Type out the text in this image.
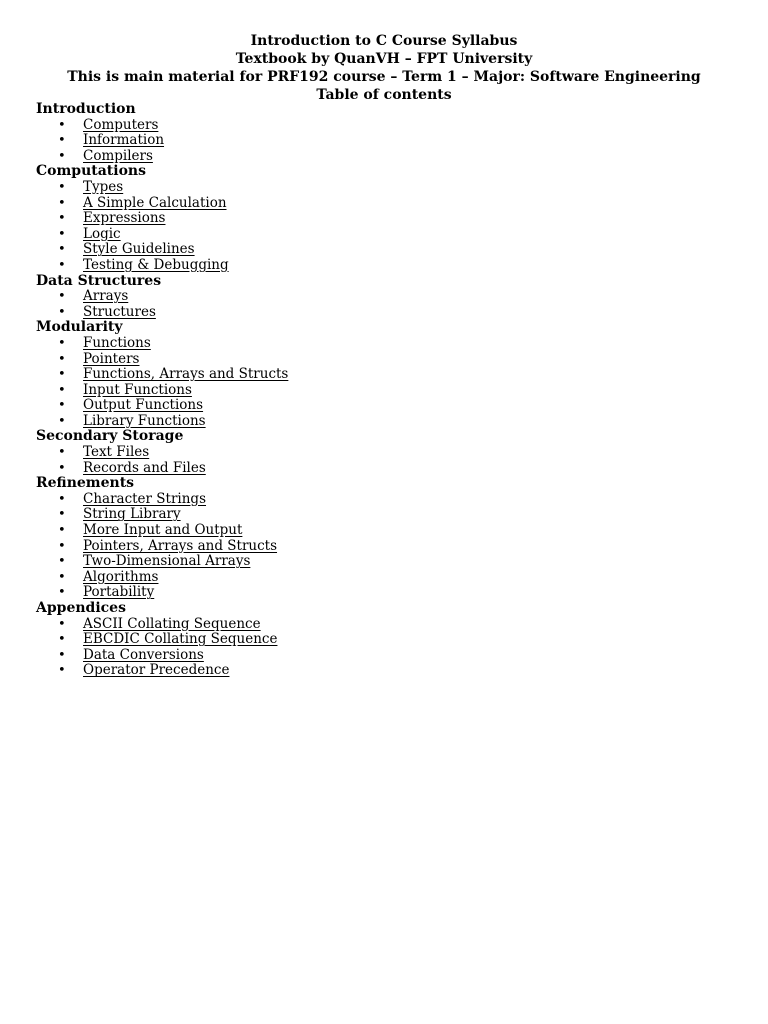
Introduction to C Course Syllabus
Textbook by QuanVH – FPT University
This is main material for PRF192 course – Term 1 – Major: Software Engineering
Table of contents
Introduction
• Computers
• Information
• Compilers
Computations
• Types
• A Simple Calculation
• Expressions
• Logic
• Style Guidelines
• Testing & Debugging
Data Structures
• Arrays
• Structures
Modularity
• Functions
• Pointers
• Functions, Arrays and Structs
• Input Functions
• Output Functions
• Library Functions
Secondary Storage
• Text Files
• Records and Files
Refinements
• Character Strings
• String Library
• More Input and Output
• Pointers, Arrays and Structs
• Two-Dimensional Arrays
• Algorithms
• Portability
Appendices
• ASCII Collating Sequence
• EBCDIC Collating Sequence
• Data Conversions
• Operator Precedence
